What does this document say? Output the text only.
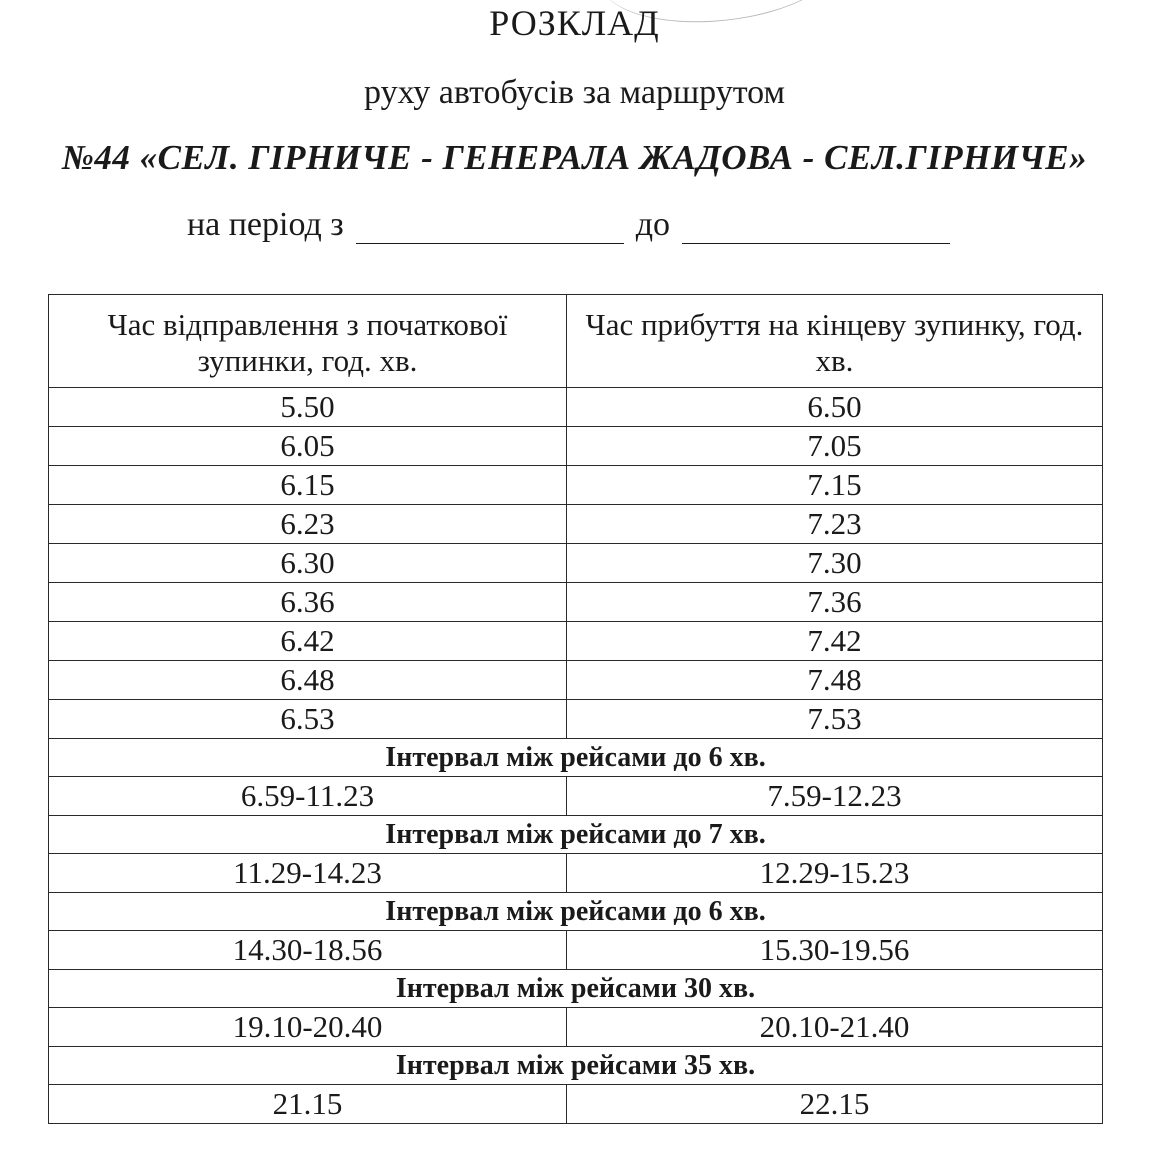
РОЗКЛАД
руху автобусів за маршрутом
№44 «СЕЛ. ГІРНИЧЕ - ГЕНЕРАЛА ЖАДОВА - СЕЛ.ГІРНИЧЕ»
на період з	до
Час відправлення з початкової зупинки, год. хв.	Час прибуття на кінцеву зупинку, год. хв.
5.50	6.50
6.05	7.05
6.15	7.15
6.23	7.23
6.30	7.30
6.36	7.36
6.42	7.42
6.48	7.48
6.53	7.53
Інтервал між рейсами до 6 хв.	
6.59-11.23	7.59-12.23
Інтервал між рейсами до 7 хв.	
11.29-14.23	12.29-15.23
Інтервал між рейсами до 6 хв.	
14.30-18.56	15.30-19.56
Інтервал між рейсами 30 хв.	
19.10-20.40	20.10-21.40
Інтервал між рейсами 35 хв.	
21.15	22.15
